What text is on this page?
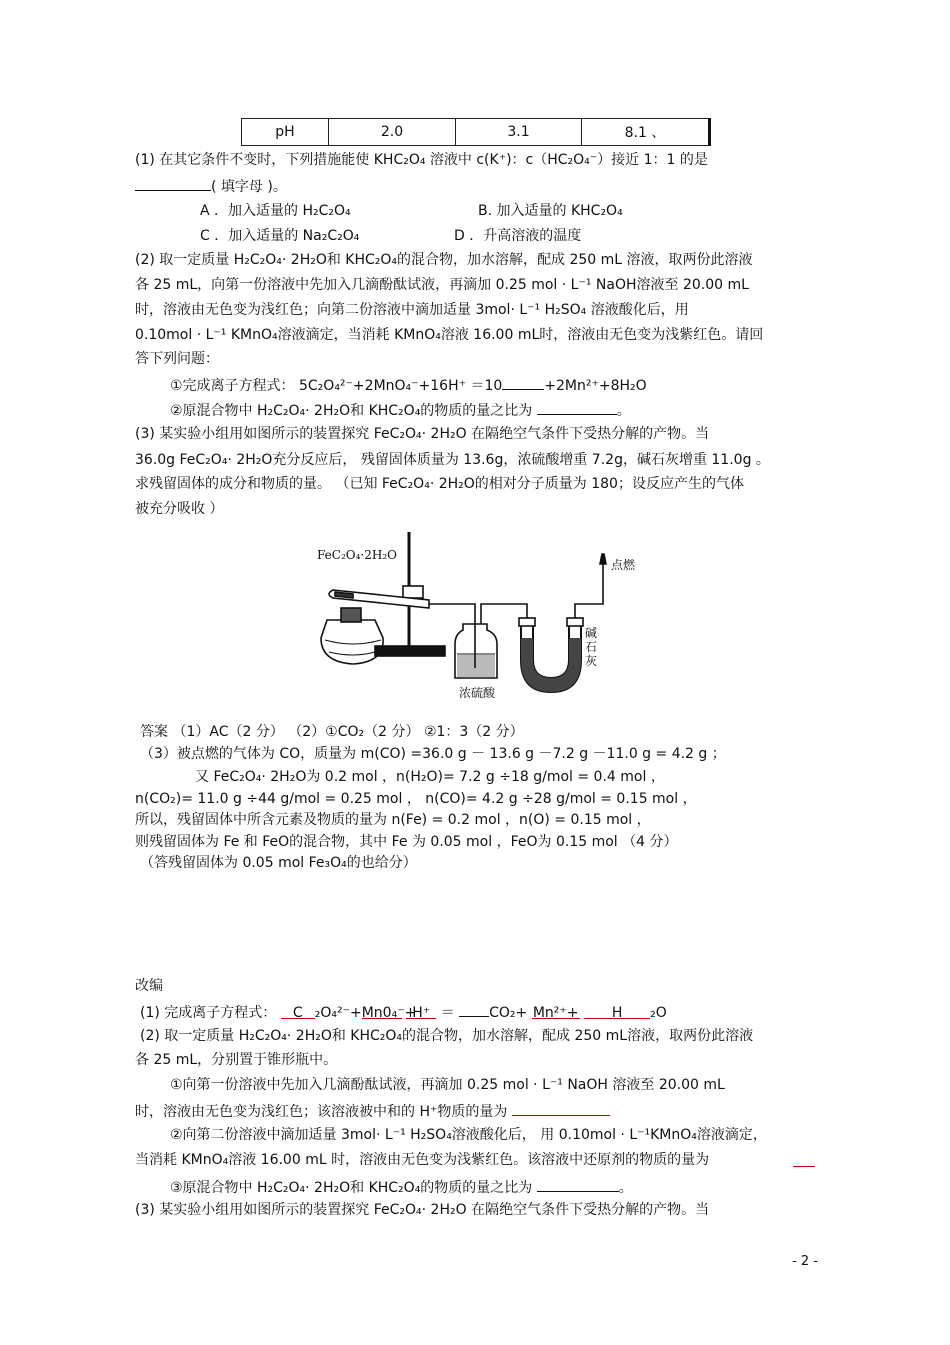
pH	2.0	3.1	8.1 、
(1) 在其它条件不变时，下列措施能使 KHC₂O₄ 溶液中 c(K⁺)：c（HC₂O₄⁻）接近 1：1 的是
( 填字母 )。
A ．加入适量的 H₂C₂O₄	B. 加入适量的 KHC₂O₄
C ．加入适量的 Na₂C₂O₄	D ．升高溶液的温度
(2) 取一定质量 H₂C₂O₄· 2H₂O和 KHC₂O₄的混合物，加水溶解，配成 250 mL 溶液，取两份此溶液
各 25 mL，向第一份溶液中先加入几滴酚酞试液，再滴加 0.25 mol · L⁻¹ NaOH溶液至 20.00 mL
时，溶液由无色变为浅红色；向第二份溶液中滴加适量 3mol· L⁻¹ H₂SO₄ 溶液酸化后，用
0.10mol · L⁻¹ KMnO₄溶液滴定，当消耗 KMnO₄溶液 16.00 mL时，溶液由无色变为浅紫红色。请回
答下列问题：
①完成离子方程式： 5C₂O₄²⁻+2MnO₄⁻+16H⁺ ＝10	+2Mn²⁺+8H₂O
②原混合物中 H₂C₂O₄· 2H₂O和 KHC₂O₄的物质的量之比为	。
(3) 某实验小组用如图所示的装置探究 FeC₂O₄· 2H₂O 在隔绝空气条件下受热分解的产物。当
36.0g FeC₂O₄· 2H₂O充分反应后， 残留固体质量为 13.6g，浓硫酸增重 7.2g，碱石灰增重 11.0g 。
求残留固体的成分和物质的量。 （已知 FeC₂O₄· 2H₂O的相对分子质量为 180；设反应产生的气体
被充分吸收 ）
FeC₂O₄·2H₂O
点燃
浓硫酸
碱石灰
答案 （1）AC（2 分） （2）①CO₂（2 分） ②1：3（2 分）
（3）被点燃的气体为 CO，质量为 m(CO) =36.0 g － 13.6 g －7.2 g －11.0 g = 4.2 g ；
又 FeC₂O₄· 2H₂O为 0.2 mol ，n(H₂O)= 7.2 g ÷18 g/mol = 0.4 mol ，
n(CO₂)= 11.0 g ÷44 g/mol = 0.25 mol ， n(CO)= 4.2 g ÷28 g/mol = 0.15 mol ，
所以，残留固体中所含元素及物质的量为 n(Fe) = 0.2 mol ，n(O) = 0.15 mol ，
则残留固体为 Fe 和 FeO的混合物，其中 Fe 为 0.05 mol ，FeO为 0.15 mol （4 分）
（答残留固体为 0.05 mol Fe₃O₄的也给分）
改编
(1) 完成离子方程式： C ₂O₄²⁻+Mn0₄⁻+ H⁺ ＝ CO₂+ Mn²⁺+ H ₂O
(2) 取一定质量 H₂C₂O₄· 2H₂O和 KHC₂O₄的混合物，加水溶解，配成 250 mL溶液，取两份此溶液
各 25 mL，分别置于锥形瓶中。
①向第一份溶液中先加入几滴酚酞试液，再滴加 0.25 mol · L⁻¹ NaOH 溶液至 20.00 mL
时，溶液由无色变为浅红色；该溶液被中和的 H⁺物质的量为
②向第二份溶液中滴加适量 3mol· L⁻¹ H₂SO₄溶液酸化后， 用 0.10mol · L⁻¹KMnO₄溶液滴定，
当消耗 KMnO₄溶液 16.00 mL 时，溶液由无色变为浅紫红色。该溶液中还原剂的物质的量为
③原混合物中 H₂C₂O₄· 2H₂O和 KHC₂O₄的物质的量之比为	。
(3) 某实验小组用如图所示的装置探究 FeC₂O₄· 2H₂O 在隔绝空气条件下受热分解的产物。当
- 2 -
